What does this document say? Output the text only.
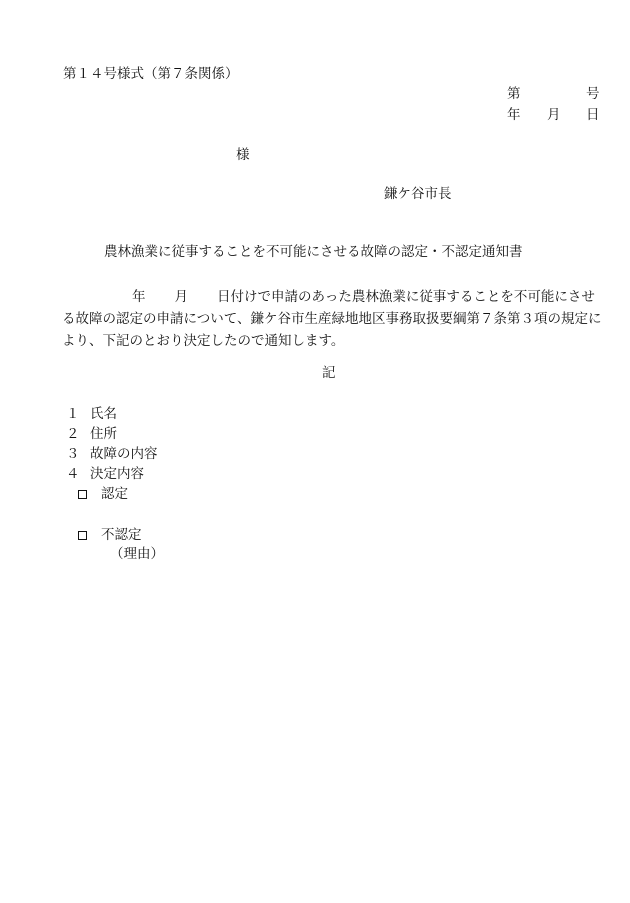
第１４号様式（第７条関係）
第	号
年 月 日
様
鎌ケ谷市長
農林漁業に従事することを不可能にさせる故障の認定・不認定通知書
年 月 日付けで申請のあった農林漁業に従事することを不可能にさせ
る故障の認定の申請について、鎌ケ谷市生産緑地地区事務取扱要綱第７条第３項の規定に
より、下記のとおり決定したので通知します。
記
１ 氏名
２ 住所
３ 故障の内容
４ 決定内容
認定
不認定
（理由）
